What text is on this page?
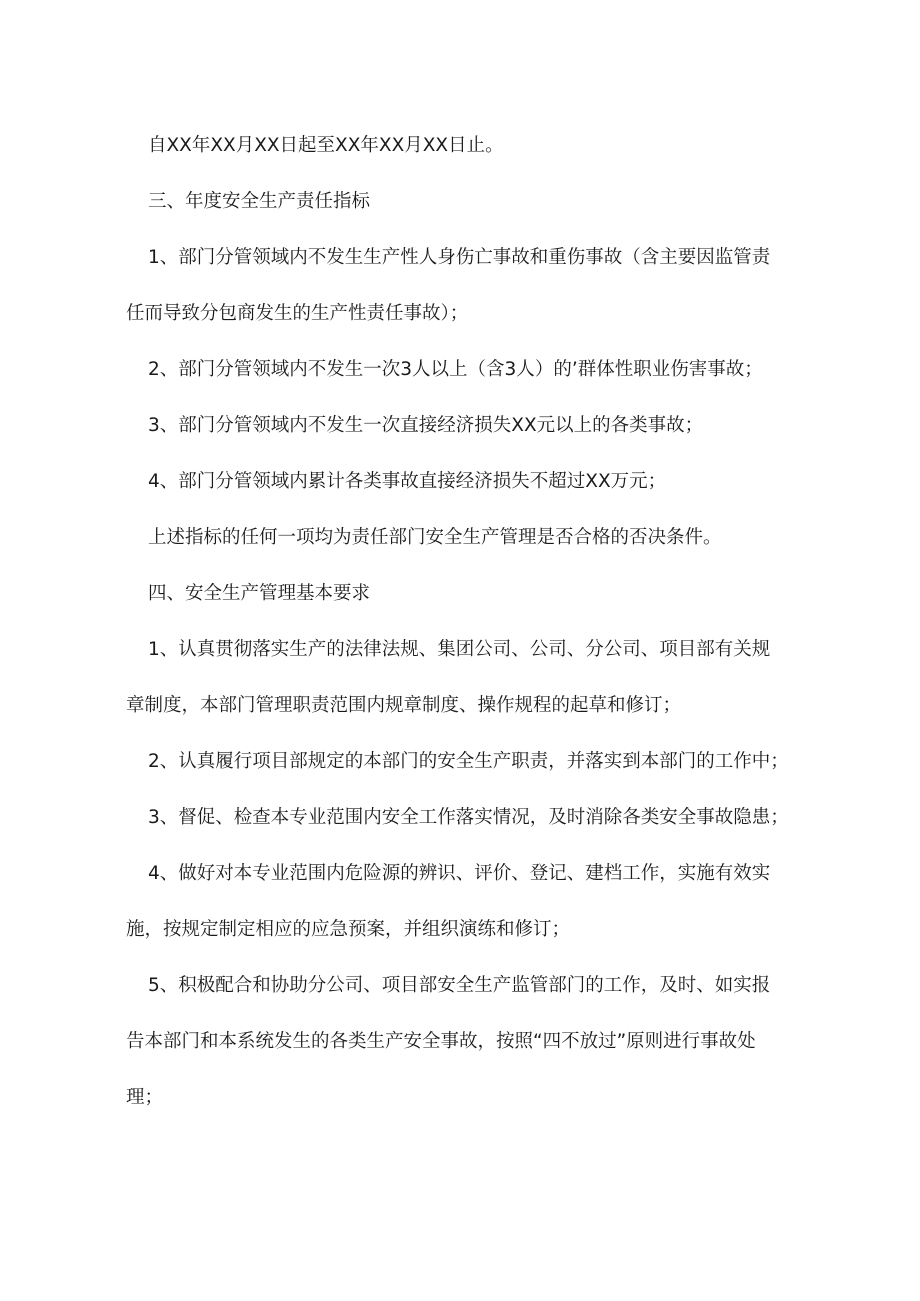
自XX年XX月XX日起至XX年XX月XX日止。
三、年度安全生产责任指标
1、部门分管领域内不发生生产性人身伤亡事故和重伤事故（含主要因监管责
任而导致分包商发生的生产性责任事故）；
2、部门分管领域内不发生一次3人以上（含3人）的’群体性职业伤害事故；
3、部门分管领域内不发生一次直接经济损失XX元以上的各类事故；
4、部门分管领域内累计各类事故直接经济损失不超过XX万元；
上述指标的任何一项均为责任部门安全生产管理是否合格的否决条件。
四、安全生产管理基本要求
1、认真贯彻落实生产的法律法规、集团公司、公司、分公司、项目部有关规
章制度，本部门管理职责范围内规章制度、操作规程的起草和修订；
2、认真履行项目部规定的本部门的安全生产职责，并落实到本部门的工作中；
3、督促、检查本专业范围内安全工作落实情况，及时消除各类安全事故隐患；
4、做好对本专业范围内危险源的辨识、评价、登记、建档工作，实施有效实
施，按规定制定相应的应急预案，并组织演练和修订；
5、积极配合和协助分公司、项目部安全生产监管部门的工作，及时、如实报
告本部门和本系统发生的各类生产安全事故，按照“四不放过”原则进行事故处
理；
